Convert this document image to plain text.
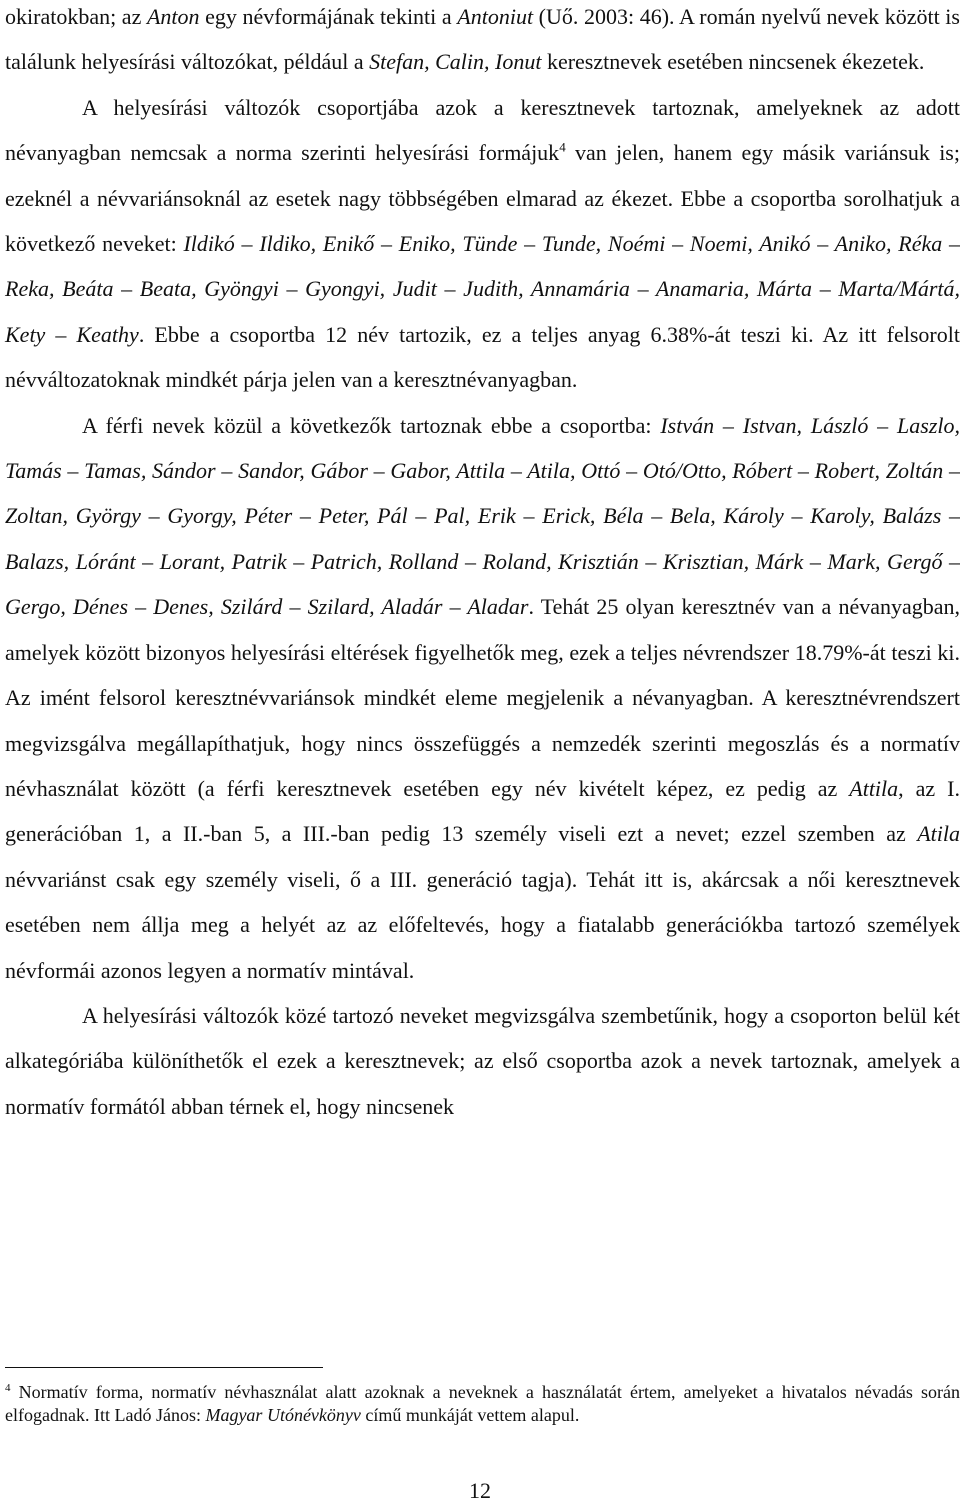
okiratokban; az Anton egy névformájának tekinti a Antoniut (Uő. 2003: 46). A román nyelvű nevek között is találunk helyesírási változókat, például a Stefan, Calin, Ionut keresztnevek esetében nincsenek ékezetek.

A helyesírási változók csoportjába azok a keresztnevek tartoznak, amelyeknek az adott névanyagban nemcsak a norma szerinti helyesírási formájuk$^4$ van jelen, hanem egy másik variánsuk is; ezeknél a névvariánsoknál az esetek nagy többségében elmarad az ékezet. Ebbe a csoportba sorolhatjuk a következő neveket: Ildikó – Ildiko, Enikő – Eniko, Tünde – Tunde, Noémi – Noemi, Anikó – Aniko, Réka – Reka, Beáta – Beata, Gyöngyi – Gyongyi, Judit – Judith, Annamária – Anamaria, Márta – Marta/Mártá, Kety – Keathy. Ebbe a csoportba 12 név tartozik, ez a teljes anyag 6.38%-át teszi ki. Az itt felsorolt névváltozatoknak mindkét párja jelen van a keresztnévanyagban.

A férfi nevek közül a következők tartoznak ebbe a csoportba: István – Istvan, László – Laszlo, Tamás – Tamas, Sándor – Sandor, Gábor – Gabor, Attila – Atila, Ottó – Otó/Otto, Róbert – Robert, Zoltán – Zoltan, György – Gyorgy, Péter – Peter, Pál – Pal, Erik – Erick, Béla – Bela, Károly – Karoly, Balázs – Balazs, Lóránt – Lorant, Patrik – Patrich, Rolland – Roland, Krisztián – Krisztian, Márk – Mark, Gergő – Gergo, Dénes – Denes, Szilárd – Szilard, Aladár – Aladar. Tehát 25 olyan keresztnév van a névanyagban, amelyek között bizonyos helyesírási eltérések figyelhetők meg, ezek a teljes névrendszer 18.79%-át teszi ki. Az imént felsorol keresztnévvariánsok mindkét eleme megjelenik a névanyagban. A keresztnévrendszert megvizsgálva megállapíthatjuk, hogy nincs összefüggés a nemzedék szerinti megoszlás és a normatív névhasználat között (a férfi keresztnevek esetében egy név kivételt képez, ez pedig az Attila, az I. generációban 1, a II.-ban 5, a III.-ban pedig 13 személy viseli ezt a nevet; ezzel szemben az Atila névvariánst csak egy személy viseli, ő a III. generáció tagja). Tehát itt is, akárcsak a női keresztnevek esetében nem állja meg a helyét az az előfeltevés, hogy a fiatalabb generációkba tartozó személyek névformái azonos legyen a normatív mintával.

A helyesírási változók közé tartozó neveket megvizsgálva szembetűnik, hogy a csoporton belül két alkategóriába különíthetők el ezek a keresztnevek; az első csoportba azok a nevek tartoznak, amelyek a normatív formától abban térnek el, hogy nincsenek

$^4$ Normatív forma, normatív névhasználat alatt azoknak a neveknek a használatát értem, amelyeket a hivatalos névadás során elfogadnak. Itt Ladó János: Magyar Utónévkönyv című munkáját vettem alapul.

12
